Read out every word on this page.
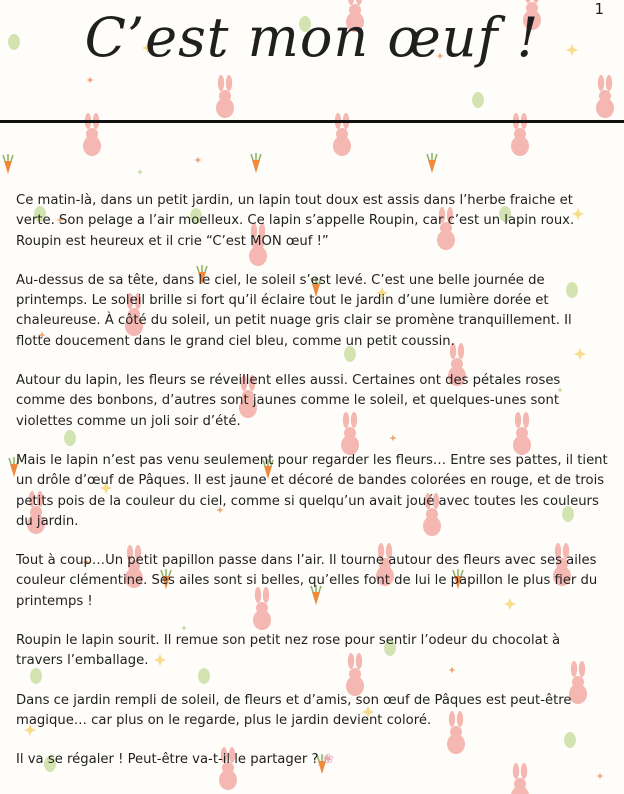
1
C’est mon œuf !

Ce matin-là, dans un petit jardin, un lapin tout doux est assis dans l’herbe fraiche et verte. Son pelage a l’air moelleux. Ce lapin s’appelle Roupin, car c’est un lapin roux. Roupin est heureux et il crie “C’est MON œuf !”

Au-dessus de sa tête, dans le ciel, le soleil s’est levé. C’est une belle journée de printemps. Le soleil brille si fort qu’il éclaire tout le jardin d’une lumière dorée et chaleureuse. À côté du soleil, un petit nuage gris clair se promène tranquillement. Il flotte doucement dans le grand ciel bleu, comme un petit coussin.

Autour du lapin, les fleurs se réveillent elles aussi. Certaines ont des pétales roses comme des bonbons, d’autres sont jaunes comme le soleil, et quelques-unes sont violettes comme un joli soir d’été.

Mais le lapin n’est pas venu seulement pour regarder les fleurs… Entre ses pattes, il tient un drôle d’œuf de Pâques. Il est jaune et décoré de bandes colorées en rouge, et de trois petits pois de la couleur du ciel, comme si quelqu’un avait joué avec toutes les couleurs du jardin.

Tout à coup…Un petit papillon passe dans l’air. Il tourne autour des fleurs avec ses ailes couleur clémentine. Ses ailes sont si belles, qu’elles font de lui le papillon le plus fier du printemps !

Roupin le lapin sourit. Il remue son petit nez rose pour sentir l’odeur du chocolat à travers l’emballage.

Dans ce jardin rempli de soleil, de fleurs et d’amis, son œuf de Pâques est peut-être magique… car plus on le regarde, plus le jardin devient coloré.

Il va se régaler ! Peut-être va-t-il le partager ? ❀
